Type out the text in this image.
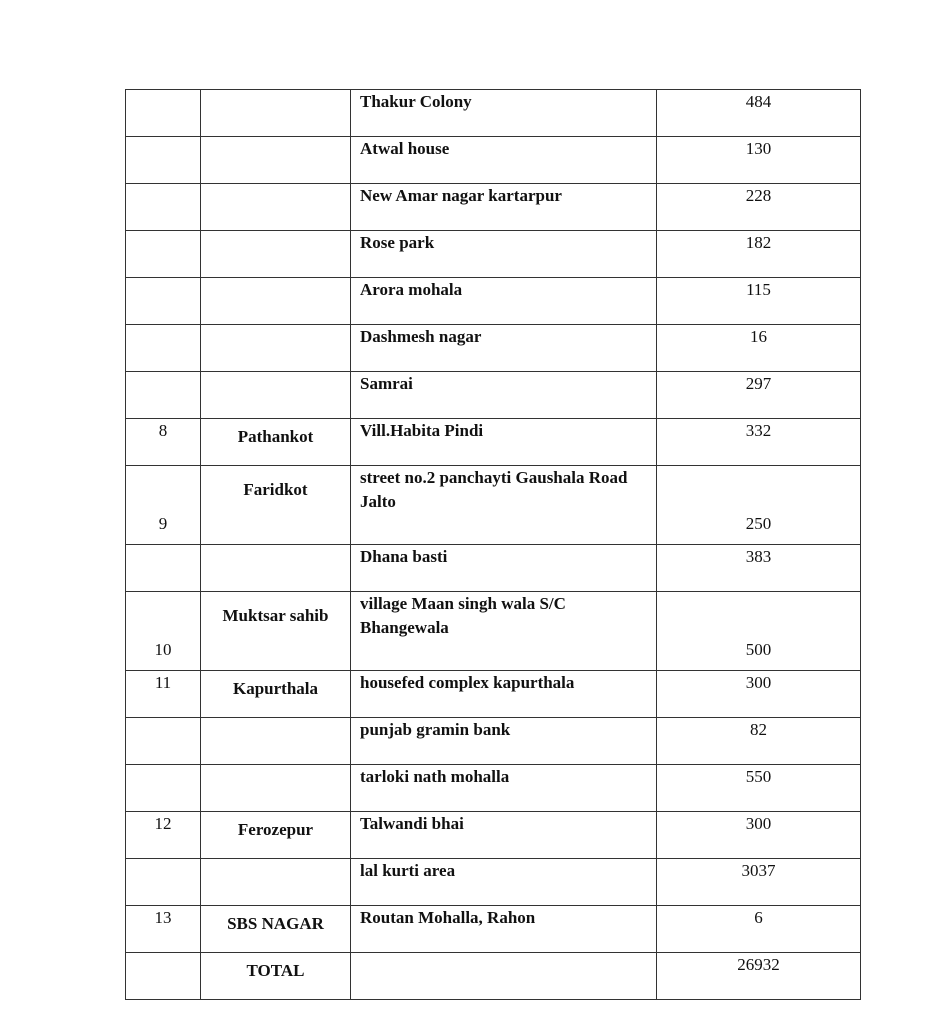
		Thakur Colony	484
		Atwal house	130
		New Amar nagar kartarpur	228
		Rose park	182
		Arora mohala	115
		Dashmesh nagar	16
		Samrai	297
8	Pathankot	Vill.Habita Pindi	332
9	Faridkot	street no.2 panchayti Gaushala Road Jalto	250
		Dhana basti	383
10	Muktsar sahib	village Maan singh wala S/C Bhangewala	500
11	Kapurthala	housefed complex kapurthala	300
		punjab gramin bank	82
		tarloki nath mohalla	550
12	Ferozepur	Talwandi bhai	300
		lal kurti area	3037
13	SBS NAGAR	Routan Mohalla, Rahon	6
	TOTAL		26932
